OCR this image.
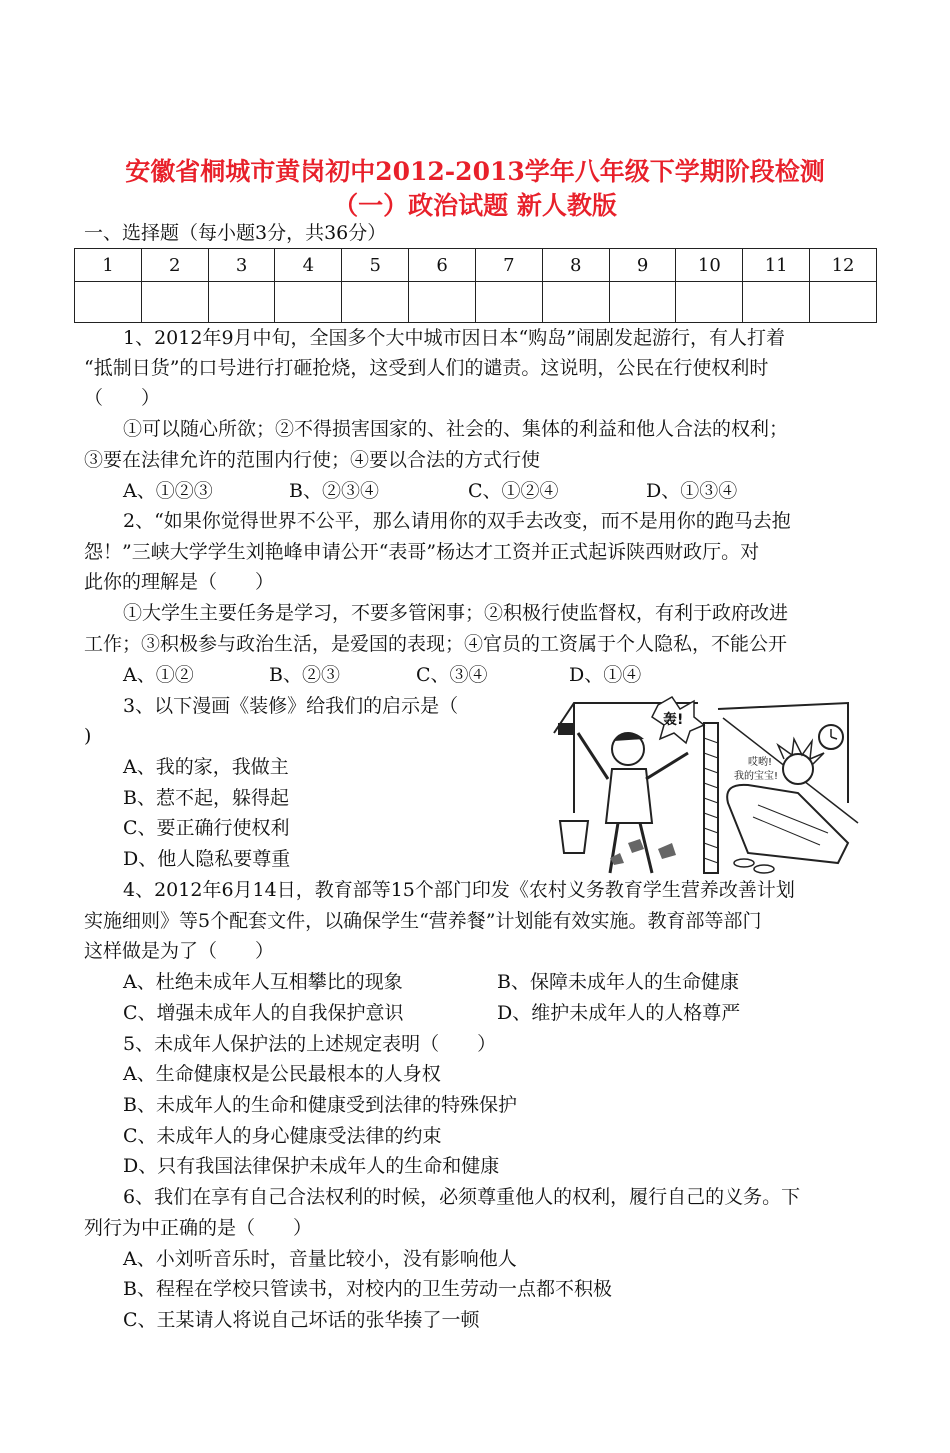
安徽省桐城市黄岗初中2012-2013学年八年级下学期阶段检测
（一）政治试题 新人教版
一、选择题（每小题3分，共36分）
1	2	3	4	5	6	7	8	9	10	11	12

1、2012年9月中旬，全国多个大中城市因日本“购岛”闹剧发起游行，有人打着
“抵制日货”的口号进行打砸抢烧，这受到人们的谴责。这说明，公民在行使权利时
（　　）
①可以随心所欲；②不得损害国家的、社会的、集体的利益和他人合法的权利；
③要在法律允许的范围内行使；④要以合法的方式行使
A、①②③	B、②③④	C、①②④	D、①③④
2、“如果你觉得世界不公平，那么请用你的双手去改变，而不是用你的跑马去抱
怨！”三峡大学学生刘艳峰申请公开“表哥”杨达才工资并正式起诉陕西财政厅。对
此你的理解是（　　）
①大学生主要任务是学习，不要多管闲事；②积极行使监督权，有利于政府改进
工作；③积极参与政治生活，是爱国的表现；④官员的工资属于个人隐私，不能公开
A、①②	B、②③	C、③④	D、①④
3、以下漫画《装修》给我们的启示是（
)
A、我的家，我做主
B、惹不起，躲得起
C、要正确行使权利
D、他人隐私要尊重
轰!
哎哟!
我的宝宝!
4、2012年6月14日，教育部等15个部门印发《农村义务教育学生营养改善计划
实施细则》等5个配套文件，以确保学生“营养餐”计划能有效实施。教育部等部门
这样做是为了（　　）
A、杜绝未成年人互相攀比的现象	B、保障未成年人的生命健康
C、增强未成年人的自我保护意识	D、维护未成年人的人格尊严
5、未成年人保护法的上述规定表明（　　）
A、生命健康权是公民最根本的人身权
B、未成年人的生命和健康受到法律的特殊保护
C、未成年人的身心健康受法律的约束
D、只有我国法律保护未成年人的生命和健康
6、我们在享有自己合法权利的时候，必须尊重他人的权利，履行自己的义务。下
列行为中正确的是（　　）
A、小刘听音乐时，音量比较小，没有影响他人
B、程程在学校只管读书，对校内的卫生劳动一点都不积极
C、王某请人将说自己坏话的张华揍了一顿
